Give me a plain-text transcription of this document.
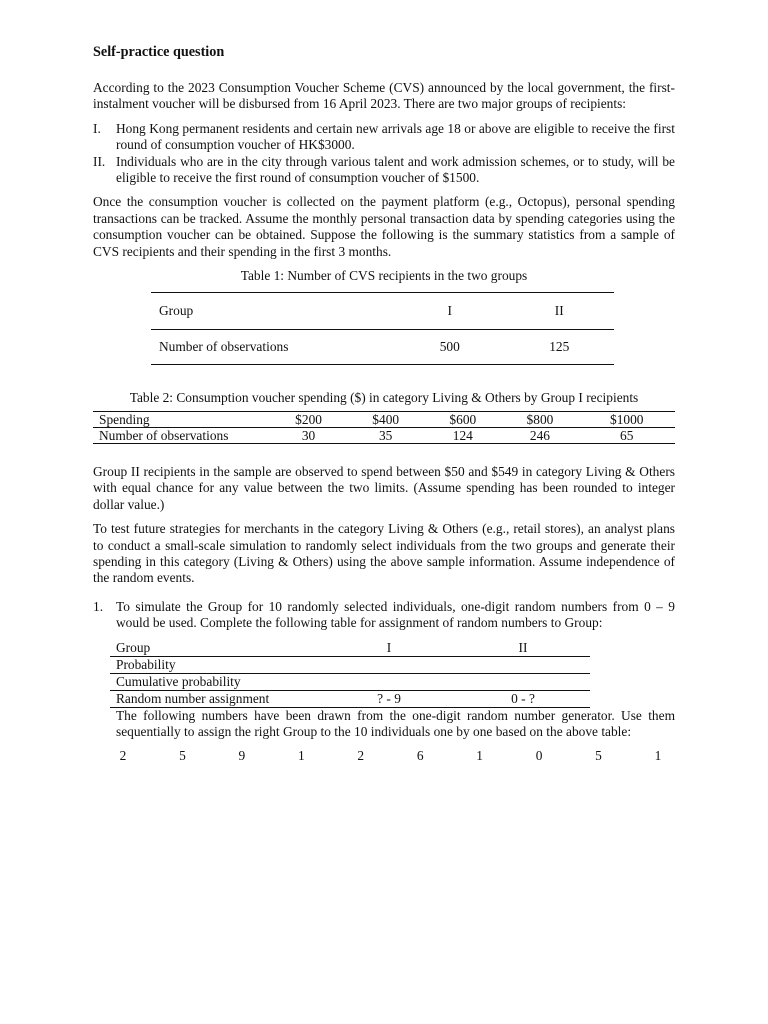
Self-practice question

According to the 2023 Consumption Voucher Scheme (CVS) announced by the local government, the first-instalment voucher will be disbursed from 16 April 2023. There are two major groups of recipients:

I.	Hong Kong permanent residents and certain new arrivals age 18 or above are eligible to receive the first round of consumption voucher of HK$3000.
II. Individuals who are in the city through various talent and work admission schemes, or to study, will be eligible to receive the first round of consumption voucher of $1500.

Once the consumption voucher is collected on the payment platform (e.g., Octopus), personal spending transactions can be tracked. Assume the monthly personal transaction data by spending categories using the consumption voucher can be obtained. Suppose the following is the summary statistics from a sample of CVS recipients and their spending in the first 3 months.

Table 1: Number of CVS recipients in the two groups
Group	I	II
Number of observations	500	125
Table 2: Consumption voucher spending ($) in category Living & Others by Group I recipients
Spending	$200	$400	$600	$800	$1000
Number of observations	30	35	124	246	65

Group II recipients in the sample are observed to spend between $50 and $549 in category Living & Others with equal chance for any value between the two limits. (Assume spending has been rounded to integer dollar value.)

To test future strategies for merchants in the category Living & Others (e.g., retail stores), an analyst plans to conduct a small-scale simulation to randomly select individuals from the two groups and generate their spending in this category (Living & Others) using the above sample information. Assume independence of the random events.

1. To simulate the Group for 10 randomly selected individuals, one-digit random numbers from 0 – 9 would be used. Complete the following table for assignment of random numbers to Group:

Group	I	II
Probability		
Cumulative probability		
Random number assignment	? - 9	0 - ?

The following numbers have been drawn from the one-digit random number generator. Use them sequentially to assign the right Group to the 10 individuals one by one based on the above table:

2	5	9	1	2	6	1	0	5	1
